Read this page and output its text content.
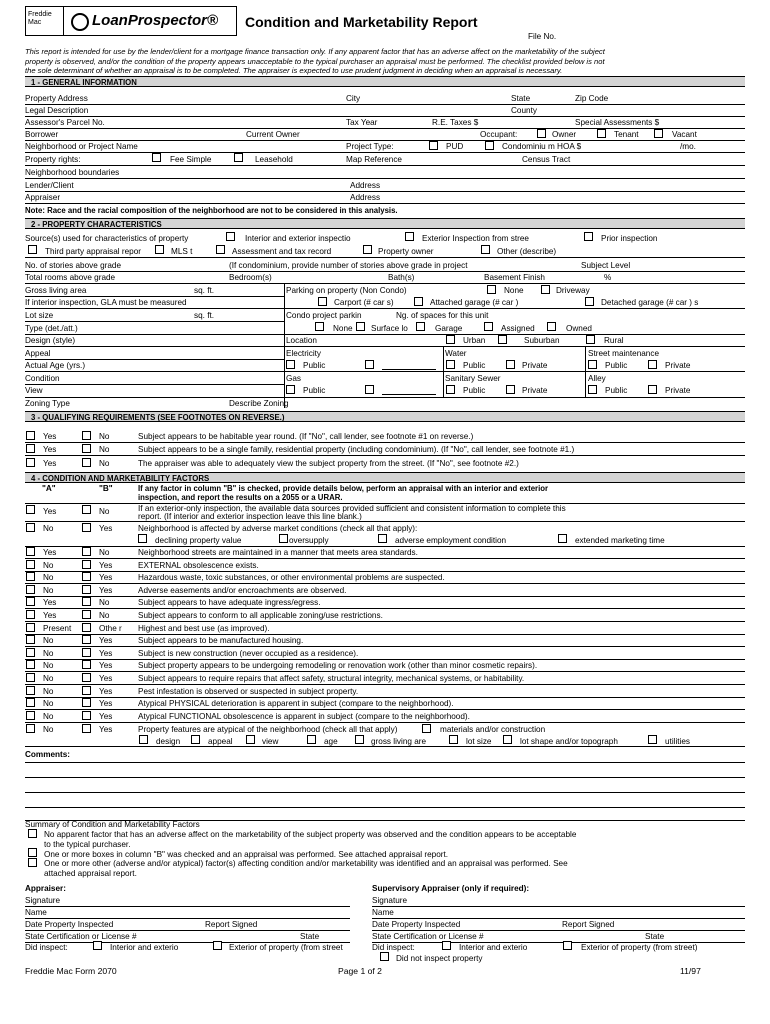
Freddie Mac	LoanProspector® Condition and Marketability Report
File No.
This report is intended for use by the lender/client for a mortgage finance transaction only. If any apparent factor that has an adverse affect on the marketability of the subject
property is observed, and/or the condition of the property appears unacceptable to the typical purchaser an appraisal must be performed. The checklist provided below is not
the sole determinant of whether an appraisal is to be completed. The appraiser is expected to use prudent judgment in deciding when an appraisal is necessary.
1 - GENERAL INFORMATION
Property Address	City	State	Zip Code
Legal Description	County
Assessor's Parcel No.	Tax Year	R.E. Taxes $	Special Assessments $
Borrower	Current Owner	Occupant:	Owner	Tenant	Vacant
Neighborhood or Project Name	Project Type:	PUD	Condominiu m HOA $	/mo.
Property rights:	Fee Simple	Leasehold	Map Reference	Census Tract
Neighborhood boundaries
Lender/Client	Address
Appraiser	Address
Note: Race and the racial composition of the neighborhood are not to be considered in this analysis.
2 - PROPERTY CHARACTERISTICS
Source(s) used for characteristics of property	Interior and exterior inspectio	Exterior Inspection from stree	Prior inspection
Third party appraisal repor	MLS t	Assessment and tax record	Property owner	Other (describe)
No. of stories above grade	(If condominium, provide number of stories above grade in project	Subject Level
Total rooms above grade	Bedroom(s)	Bath(s)	Basement Finish	%
Gross living area	sq. ft.	Parking on property (Non Condo)	None	Driveway
If interior inspection, GLA must be measured	Carport (# car s)	Attached garage (# car )	Detached garage (# car ) s
Lot size	sq. ft.	Condo project parkin	Ng. of spaces for this unit
Type (det./att.)	None Surface lo	Garage	Assigned	Owned
Design (style)	Location	Urban	Suburban	Rural
Appeal	Electricity	Water	Street maintenance
Actual Age (yrs.)	Public	Public	Private	Public	Private
Condition	Gas	Sanitary Sewer	Alley
View	Public	Public	Private	Public	Private
Zoning Type	Describe Zoning
3 - QUALIFYING REQUIREMENTS (SEE FOOTNOTES ON REVERSE.)
Yes	No	Subject appears to be habitable year round. (If "No", call lender, see footnote #1 on reverse.)
Yes	No	Subject appears to be a single family, residential property (including condominium). (If "No", call lender, see footnote #1.)
Yes	No	The appraiser was able to adequately view the subject property from the street. (If "No", see footnote #2.)
4 - CONDITION AND MARKETABILITY FACTORS
"A"	"B"	If any factor in column "B" is checked, provide details below, perform an appraisal with an interior and exterior
inspection, and report the results on a 2055 or a URAR.
Yes	No	If an exterior-only inspection, the available data sources provided sufficient and consistent information to complete this
report. (If interior and exterior inspection leave this line blank.)
No	Yes	Neighborhood is affected by adverse market conditions (check all that apply):
declining property value	oversupply	adverse employment condition	extended marketing time
Yes	No	Neighborhood streets are maintained in a manner that meets area standards.
No	Yes	EXTERNAL obsolescence exists.
No	Yes	Hazardous waste, toxic substances, or other environmental problems are suspected.
No	Yes	Adverse easements and/or encroachments are observed.
Yes	No	Subject appears to have adequate ingress/egress.
Yes	No	Subject appears to conform to all applicable zoning/use restrictions.
Present	Othe r Highest and best use (as improved).
No	Yes	Subject appears to be manufactured housing.
No	Yes	Subject is new construction (never occupied as a residence).
No	Yes	Subject property appears to be undergoing remodeling or renovation work (other than minor cosmetic repairs).
No	Yes	Subject appears to require repairs that affect safety, structural integrity, mechanical systems, or habitability.
No	Yes	Pest infestation is observed or suspected in subject property.
No	Yes	Atypical PHYSICAL deterioration is apparent in subject (compare to the neighborhood).
No	Yes	Atypical FUNCTIONAL obsolescence is apparent in subject (compare to the neighborhood).
No	Yes	Property features are atypical of the neighborhood (check all that apply)	materials and/or construction
design	appeal	view	age	gross living are	lot size	lot shape and/or topograph	utilities
Comments:
Summary of Condition and Marketability Factors
No apparent factor that has an adverse affect on the marketability of the subject property was observed and the condition appears to be acceptable
to the typical purchaser.
One or more boxes in column "B" was checked and an appraisal was performed. See attached appraisal report.
One or more other (adverse and/or atypical) factor(s) affecting condition and/or marketability was identified and an appraisal was performed. See
attached appraisal report.
Appraiser:	Supervisory Appraiser (only if required):
Signature	Signature
Name	Name
Date Property Inspected	Report Signed	Date Property Inspected	Report Signed
State Certification or License #	State	State Certification or License #	State
Did inspect:	Interior and exterio	Exterior of property (from street	Did inspect:	Interior and exterio	Exterior of property (from street)
Did not inspect property
Freddie Mac Form 2070	Page 1 of 2	11/97
